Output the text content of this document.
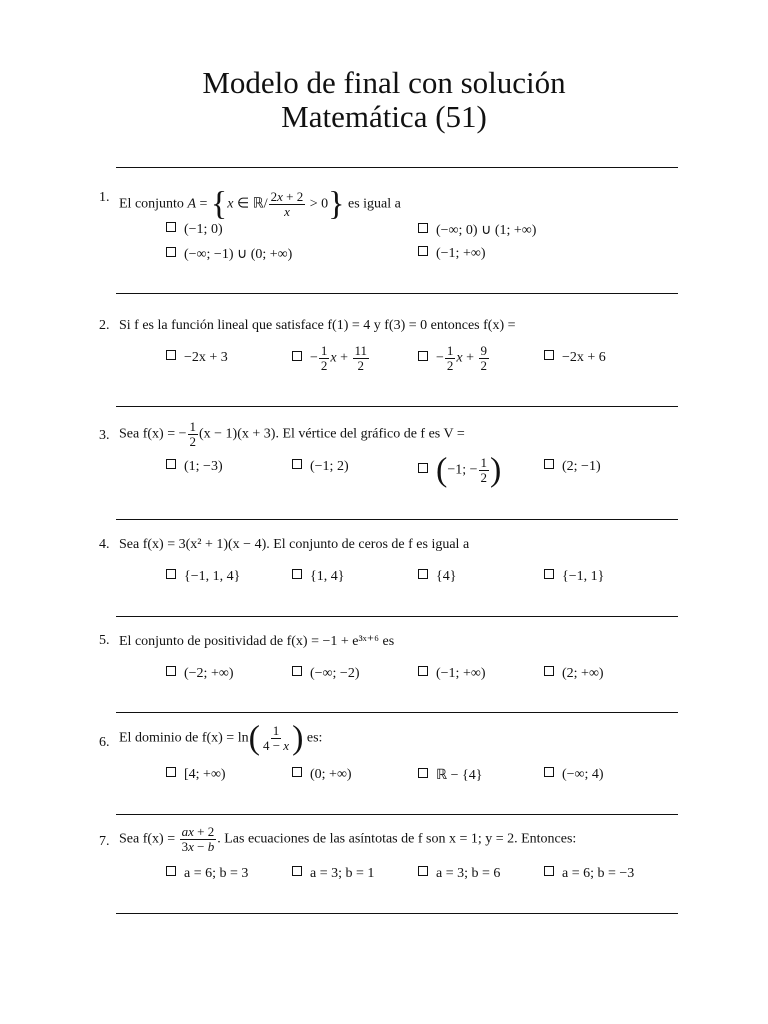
Modelo de final con solución
Matemática (51)
1. El conjunto A = {x ∈ ℝ/ $\frac{2x + 2}{x} > 0$} es igual a
(−1; 0)	(−∞; 0) ∪ (1; +∞)
(−∞; −1) ∪ (0; +∞)	(−1; +∞)
2. Si f es la función lineal que satisface f(1) = 4 y f(3) = 0 entonces f(x) =
−2x + 3	− $\frac{1}{2}$ $x + \frac{11}{2}$	− $\frac{1}{2}$ $x + \frac{9}{2}$	−2x + 6
3. Sea f(x) = − $\frac{1}{2} (x - 1)(x + 3)$. El vértice del gráfico de f es V =
(1; −3)	(−1; 2)	(−1; − $\frac{1}{2}$ )	(2; −1)
4. Sea f(x) = 3(x² + 1)(x − 4). El conjunto de ceros de f es igual a
{−1, 1, 4}	{1, 4}	{4}	{−1, 1}
5. El conjunto de positividad de f(x) = −1 + e³ˣ⁺⁶ es
(−2; +∞)	(−∞; −2)	(−1; +∞)	(2; +∞)
6. El dominio de $f(x) = \ln( \frac{1}{4 - x}$ ) es:
[4; +∞)	(0; +∞)	ℝ − {4}	(−∞; 4)
7. Sea $f(x) = \frac{ax + 2}{3x - b}$ . Las ecuaciones de las asíntotas de f son x = 1; y = 2. Entonces:
a = 6; b = 3	a = 3; b = 1	a = 3; b = 6	a = 6; b = −3
